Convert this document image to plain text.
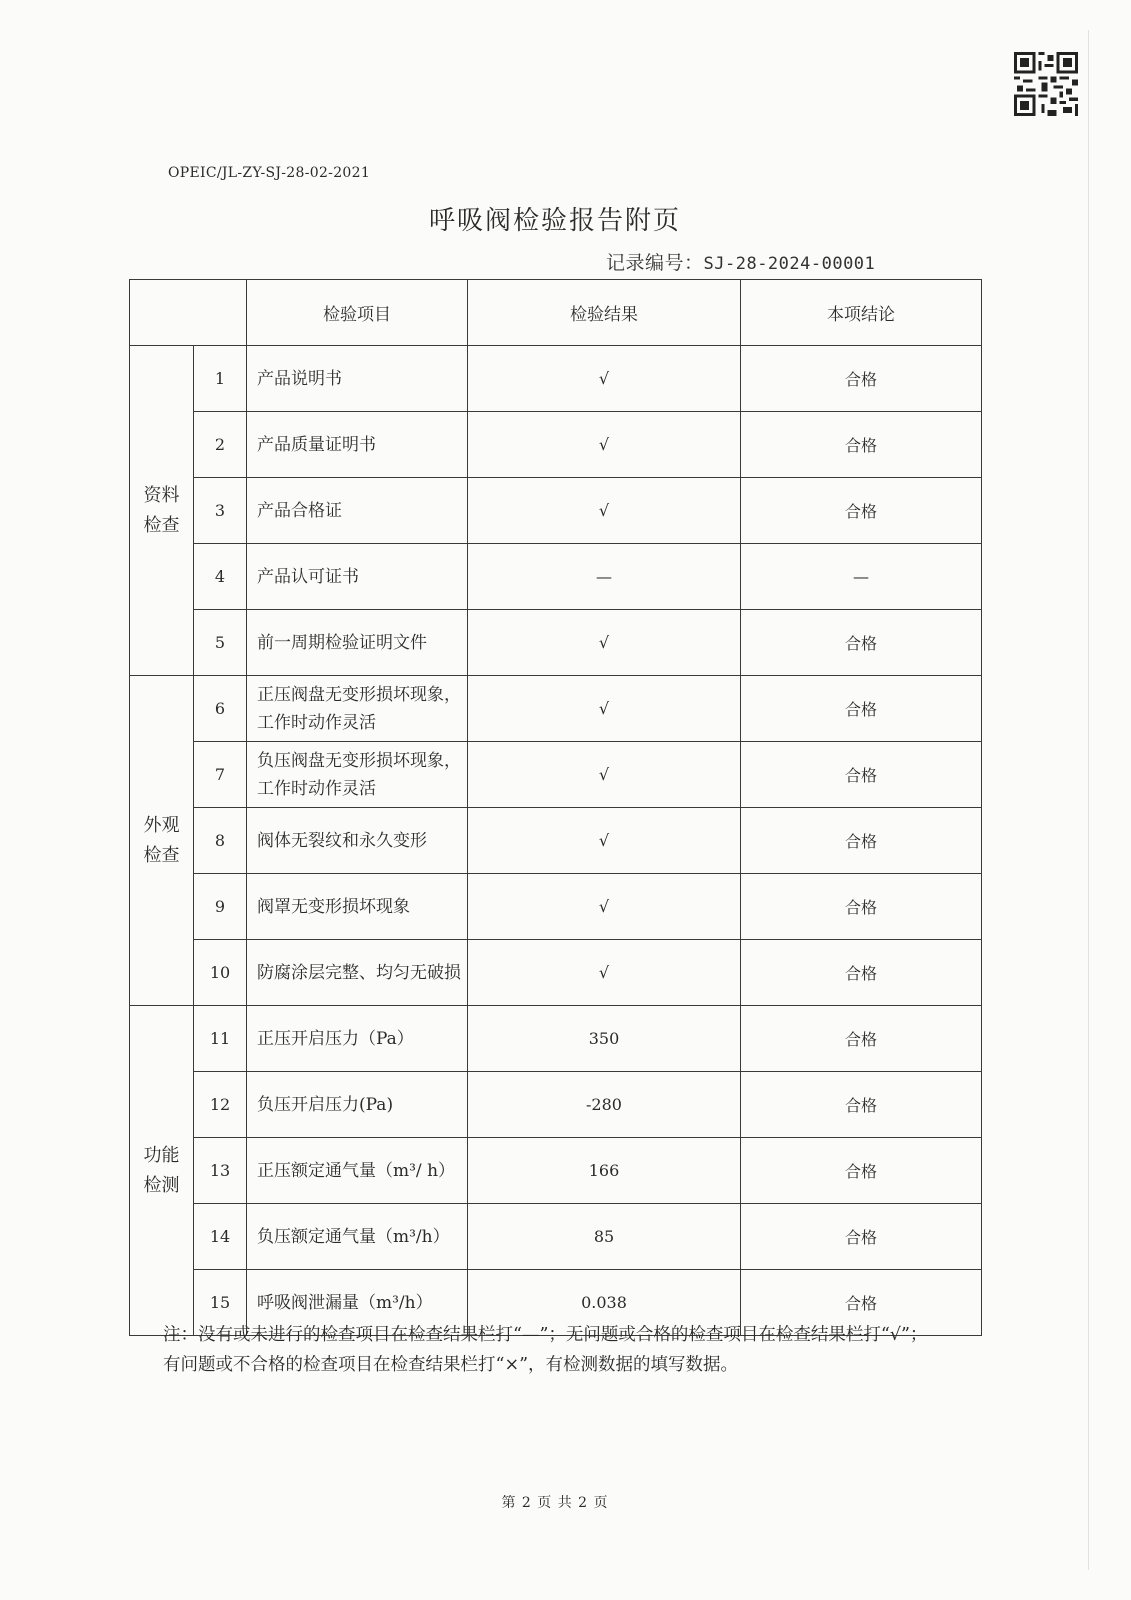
OPEIC/JL-ZY-SJ-28-02-2021
呼吸阀检验报告附页
记录编号：SJ-28-2024-00001
		检验项目	检验结果	本项结论
资料
检查	1	产品说明书	√	合格
	2	产品质量证明书	√	合格
	3	产品合格证	√	合格
	4	产品认可证书	—	—
	5	前一周期检验证明文件	√	合格
外观
检查	6	正压阀盘无变形损坏现象，工作时动作灵活	√	合格
	7	负压阀盘无变形损坏现象，工作时动作灵活	√	合格
	8	阀体无裂纹和永久变形	√	合格
	9	阀罩无变形损坏现象	√	合格
	10	防腐涂层完整、均匀无破损	√	合格
功能
检测	11	正压开启压力（Pa）	350	合格
	12	负压开启压力(Pa)	-280	合格
	13	正压额定通气量（m³/ h）	166	合格
	14	负压额定通气量（m³/h）	85	合格
	15	呼吸阀泄漏量（m³/h）	0.038	合格
注：没有或未进行的检查项目在检查结果栏打“—”；无问题或合格的检查项目在检查结果栏打“√”；有问题或不合格的检查项目在检查结果栏打“×”，有检测数据的填写数据。
第 2 页 共 2 页
